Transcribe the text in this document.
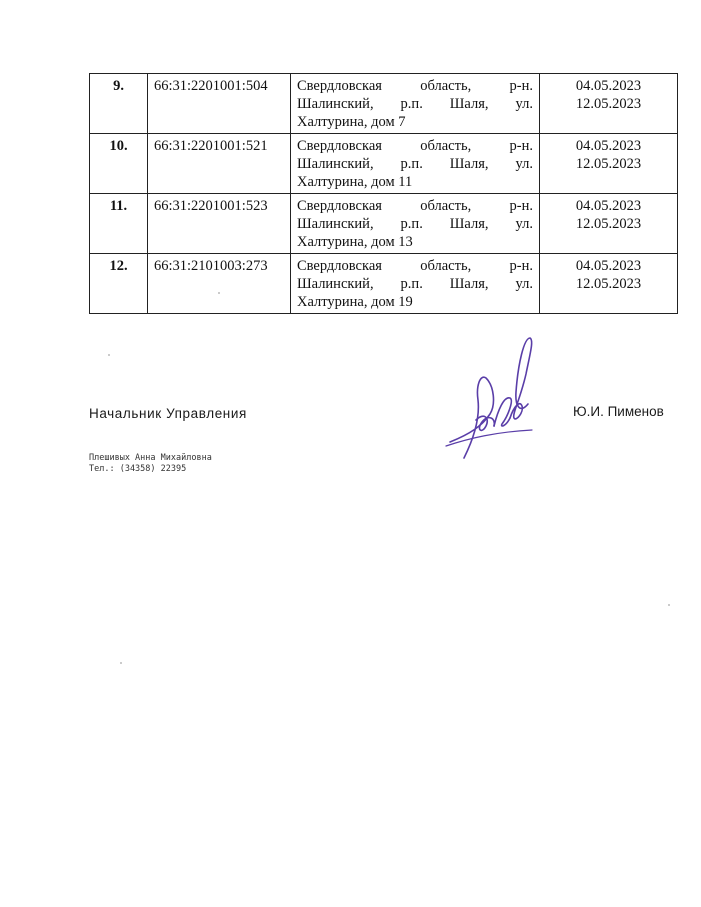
9.	66:31:2201001:504	Свердловская область, р-н. Шалинский, р.п. Шаля, ул. Халтурина, дом 7	04.05.2023
12.05.2023

10.	66:31:2201001:521	Свердловская область, р-н. Шалинский, р.п. Шаля, ул. Халтурина, дом 11	04.05.2023
12.05.2023

11.	66:31:2201001:523	Свердловская область, р-н. Шалинский, р.п. Шаля, ул. Халтурина, дом 13	04.05.2023
12.05.2023

12.	66:31:2101003:273	Свердловская область, р-н. Шалинский, р.п. Шаля, ул. Халтурина, дом 19	04.05.2023
12.05.2023
Начальник Управления	Ю.И. Пименов
Плешивых Анна Михайловна
Тел.: (34358) 22395
